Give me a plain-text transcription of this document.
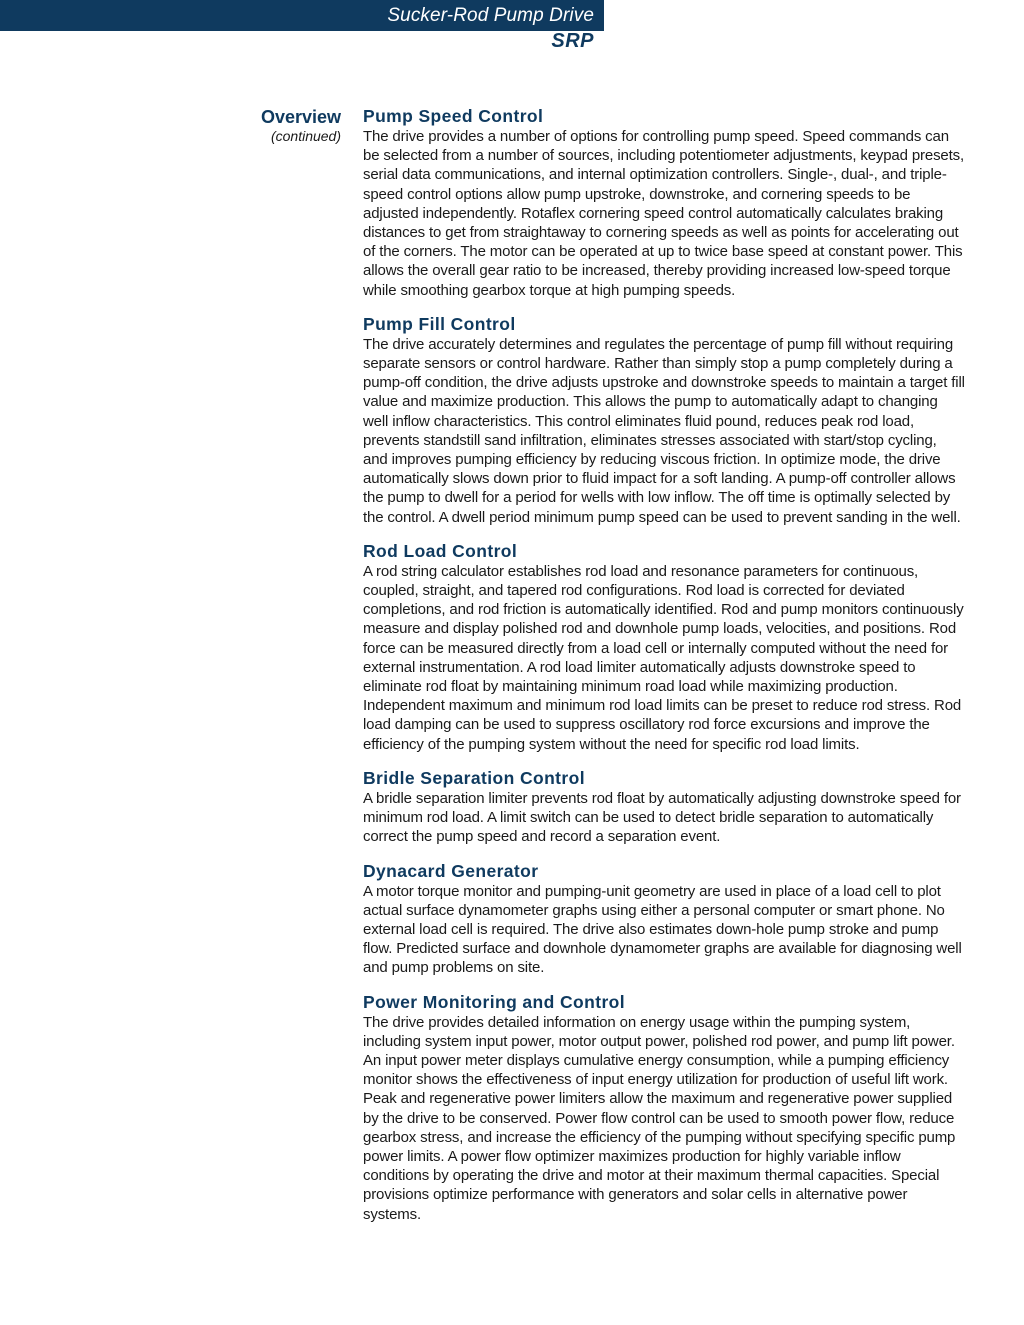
Sucker-Rod Pump Drive
SRP
Overview
(continued)
Pump Speed Control

The drive provides a number of options for controlling pump speed. Speed commands can be selected from a number of sources, including potentiometer adjustments, keypad presets, serial data communications, and internal optimization controllers. Single-, dual-, and triple-speed control options allow pump upstroke, downstroke, and cornering speeds to be adjusted independently. Rotaflex cornering speed control automatically calculates braking distances to get from straightaway to cornering speeds as well as points for accelerating out of the corners. The motor can be operated at up to twice base speed at constant power. This allows the overall gear ratio to be increased, thereby providing increased low-speed torque while smoothing gearbox torque at high pumping speeds.

Pump Fill Control

The drive accurately determines and regulates the percentage of pump fill without requiring separate sensors or control hardware. Rather than simply stop a pump completely during a pump-off condition, the drive adjusts upstroke and downstroke speeds to maintain a target fill value and maximize production. This allows the pump to automatically adapt to changing well inflow characteristics. This control eliminates fluid pound, reduces peak rod load, prevents standstill sand infiltration, eliminates stresses associated with start/stop cycling, and improves pumping efficiency by reducing viscous friction. In optimize mode, the drive automatically slows down prior to fluid impact for a soft landing. A pump-off controller allows the pump to dwell for a period for wells with low inflow. The off time is optimally selected by the control. A dwell period minimum pump speed can be used to prevent sanding in the well.

Rod Load Control

A rod string calculator establishes rod load and resonance parameters for continuous, coupled, straight, and tapered rod configurations. Rod load is corrected for deviated completions, and rod friction is automatically identified. Rod and pump monitors continuously measure and display polished rod and downhole pump loads, velocities, and positions. Rod force can be measured directly from a load cell or internally computed without the need for external instrumentation. A rod load limiter automatically adjusts downstroke speed to eliminate rod float by maintaining minimum road load while maximizing production. Independent maximum and minimum rod load limits can be preset to reduce rod stress. Rod load damping can be used to suppress oscillatory rod force excursions and improve the efficiency of the pumping system without the need for specific rod load limits.

Bridle Separation Control

A bridle separation limiter prevents rod float by automatically adjusting downstroke speed for minimum rod load. A limit switch can be used to detect bridle separation to automatically correct the pump speed and record a separation event.

Dynacard Generator

A motor torque monitor and pumping-unit geometry are used in place of a load cell to plot actual surface dynamometer graphs using either a personal computer or smart phone. No external load cell is required. The drive also estimates down-hole pump stroke and pump flow. Predicted surface and downhole dynamometer graphs are available for diagnosing well and pump problems on site.

Power Monitoring and Control

The drive provides detailed information on energy usage within the pumping system, including system input power, motor output power, polished rod power, and pump lift power. An input power meter displays cumulative energy consumption, while a pumping efficiency monitor shows the effectiveness of input energy utilization for production of useful lift work. Peak and regenerative power limiters allow the maximum and regenerative power supplied by the drive to be conserved. Power flow control can be used to smooth power flow, reduce gearbox stress, and increase the efficiency of the pumping without specifying specific pump power limits. A power flow optimizer maximizes production for highly variable inflow conditions by operating the drive and motor at their maximum thermal capacities. Special provisions optimize performance with generators and solar cells in alternative power systems.
